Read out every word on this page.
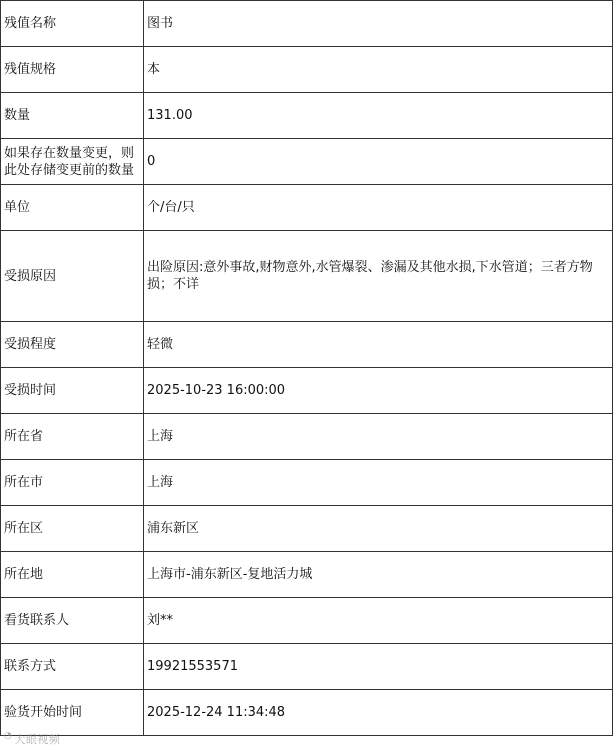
残值名称	图书
残值规格	本
数量	131.00
如果存在数量变更，则此处存储变更前的数量	0
单位	个/台/只
受损原因	出险原因:意外事故,财物意外,水管爆裂、渗漏及其他水损,下水管道；三者方物损；不详
受损程度	轻微
受损时间	2025-10-23 16:00:00
所在省	上海
所在市	上海
所在区	浦东新区
所在地	上海市-浦东新区-复地活力城
看货联系人	刘**
联系方式	19921553571
验货开始时间	2025-12-24 11:34:48
◔ 大眼视频
